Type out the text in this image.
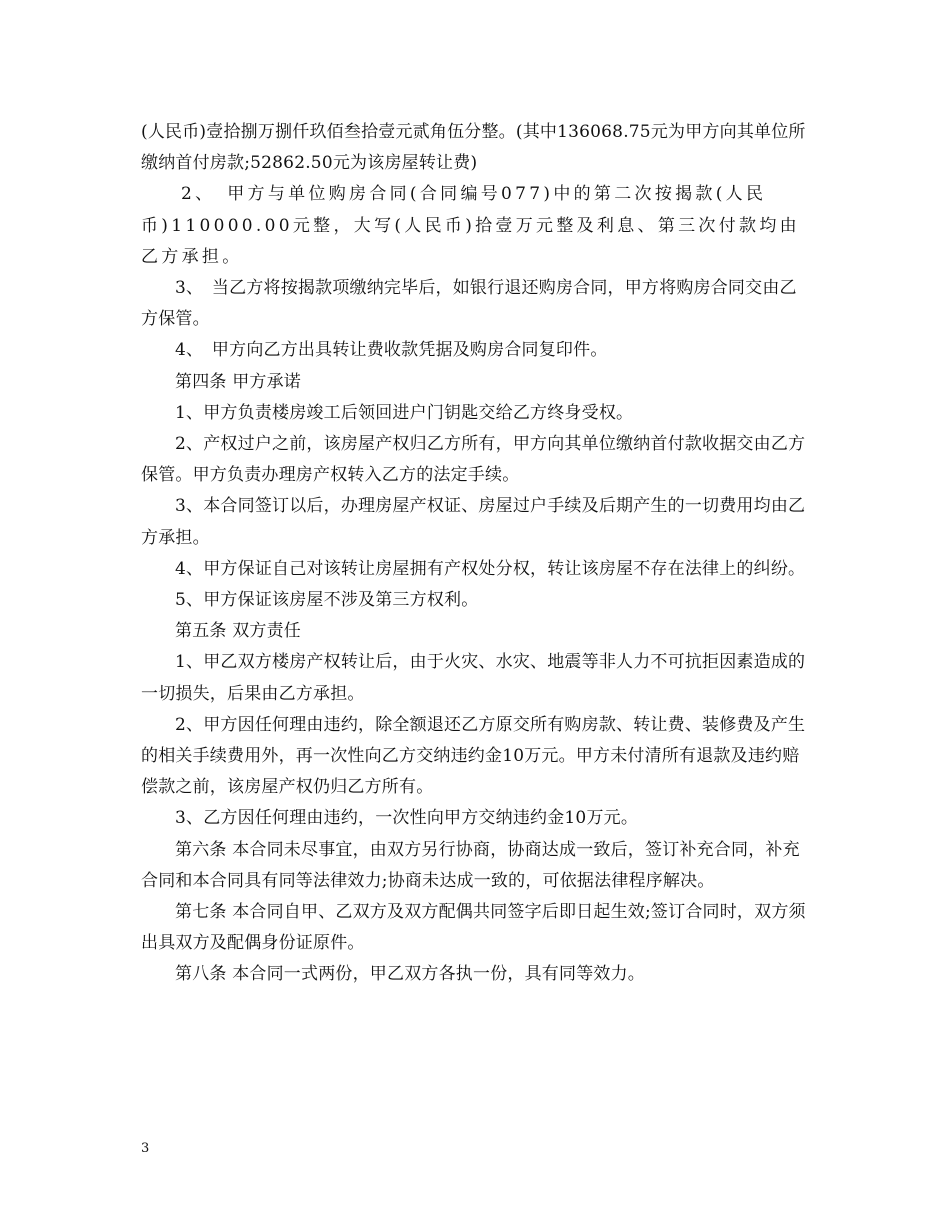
(人民币)壹拾捌万捌仟玖佰叁拾壹元贰角伍分整。(其中136068.75元为甲方向其单位所缴纳首付房款;52862.50元为该房屋转让费)

2、　甲方与单位购房合同(合同编号077)中的第二次按揭款(人民币)110000.00元整，大写(人民币)拾壹万元整及利息、第三次付款均由乙方承担。

3、　当乙方将按揭款项缴纳完毕后，如银行退还购房合同，甲方将购房合同交由乙方保管。

4、　甲方向乙方出具转让费收款凭据及购房合同复印件。

第四条 甲方承诺

1、甲方负责楼房竣工后领回进户门钥匙交给乙方终身受权。

2、产权过户之前，该房屋产权归乙方所有，甲方向其单位缴纳首付款收据交由乙方保管。甲方负责办理房产权转入乙方的法定手续。

3、本合同签订以后，办理房屋产权证、房屋过户手续及后期产生的一切费用均由乙方承担。

4、甲方保证自己对该转让房屋拥有产权处分权，转让该房屋不存在法律上的纠纷。

5、甲方保证该房屋不涉及第三方权利。

第五条 双方责任

1、甲乙双方楼房产权转让后，由于火灾、水灾、地震等非人力不可抗拒因素造成的一切损失，后果由乙方承担。

2、甲方因任何理由违约，除全额退还乙方原交所有购房款、转让费、装修费及产生的相关手续费用外，再一次性向乙方交纳违约金10万元。甲方未付清所有退款及违约赔偿款之前，该房屋产权仍归乙方所有。

3、乙方因任何理由违约，一次性向甲方交纳违约金10万元。

第六条 本合同未尽事宜，由双方另行协商，协商达成一致后，签订补充合同，补充合同和本合同具有同等法律效力;协商未达成一致的，可依据法律程序解决。

第七条 本合同自甲、乙双方及双方配偶共同签字后即日起生效;签订合同时，双方须出具双方及配偶身份证原件。

第八条 本合同一式两份，甲乙双方各执一份，具有同等效力。

3
